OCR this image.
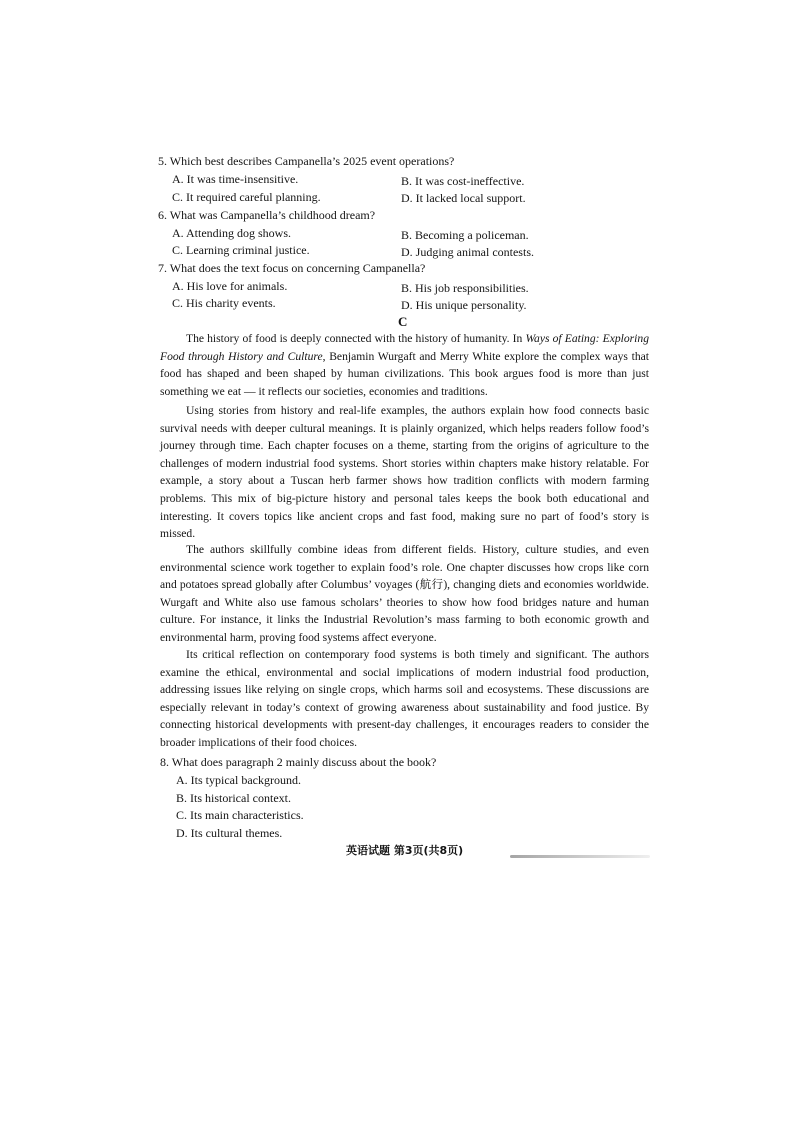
5. Which best describes Campanella’s 2025 event operations?
A. It was time-insensitive.	B. It was cost-ineffective.
C. It required careful planning.	D. It lacked local support.
6. What was Campanella’s childhood dream?
A. Attending dog shows.	B. Becoming a policeman.
C. Learning criminal justice.	D. Judging animal contests.
7. What does the text focus on concerning Campanella?
A. His love for animals.	B. His job responsibilities.
C. His charity events.	D. His unique personality.
C

The history of food is deeply connected with the history of humanity. In Ways of Eating: Exploring Food through History and Culture, Benjamin Wurgaft and Merry White explore the complex ways that food has shaped and been shaped by human civilizations. This book argues food is more than just something we eat — it reflects our societies, economies and traditions.

Using stories from history and real-life examples, the authors explain how food connects basic survival needs with deeper cultural meanings. It is plainly organized, which helps readers follow food’s journey through time. Each chapter focuses on a theme, starting from the origins of agriculture to the challenges of modern industrial food systems. Short stories within chapters make history relatable. For example, a story about a Tuscan herb farmer shows how tradition conflicts with modern farming problems. This mix of big-picture history and personal tales keeps the book both educational and interesting. It covers topics like ancient crops and fast food, making sure no part of food’s story is missed.

The authors skillfully combine ideas from different fields. History, culture studies, and even environmental science work together to explain food’s role. One chapter discusses how crops like corn and potatoes spread globally after Columbus’ voyages (航行), changing diets and economies worldwide. Wurgaft and White also use famous scholars’ theories to show how food bridges nature and human culture. For instance, it links the Industrial Revolution’s mass farming to both economic growth and environmental harm, proving food systems affect everyone.

Its critical reflection on contemporary food systems is both timely and significant. The authors examine the ethical, environmental and social implications of modern industrial food production, addressing issues like relying on single crops, which harms soil and ecosystems. These discussions are especially relevant in today’s context of growing awareness about sustainability and food justice. By connecting historical developments with present-day challenges, it encourages readers to consider the broader implications of their food choices.

8. What does paragraph 2 mainly discuss about the book?
A. Its typical background.
B. Its historical context.
C. Its main characteristics.
D. Its cultural themes.
英语试题 第3页(共8页)
